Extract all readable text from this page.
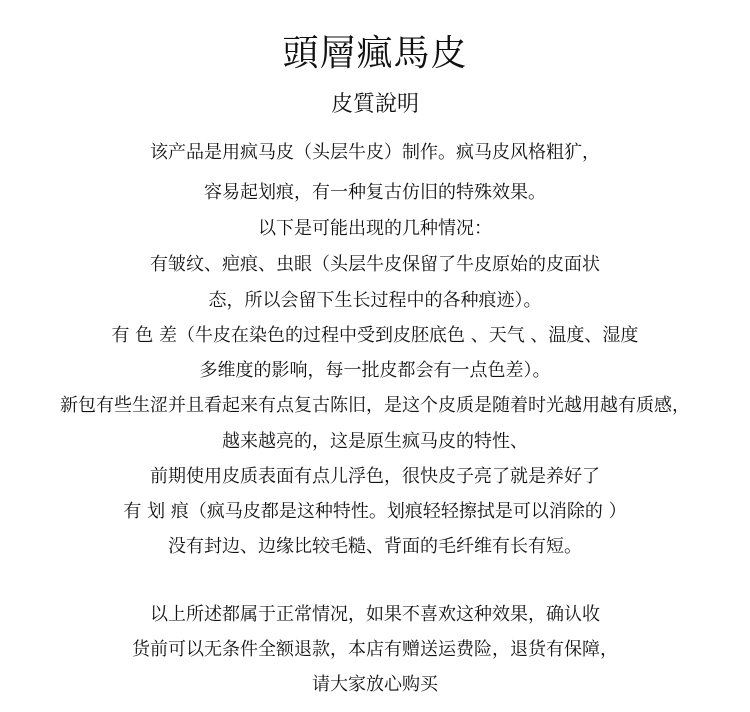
頭層瘋馬皮
皮質說明
该产品是用疯马皮（头层牛皮）制作。疯马皮风格粗犷，
容易起划痕，有一种复古仿旧的特殊效果。
以下是可能出现的几种情况：
有皱纹、疤痕、虫眼（头层牛皮保留了牛皮原始的皮面状
态，所以会留下生长过程中的各种痕迹）。
有 色 差（牛皮在染色的过程中受到皮胚底色 、天气 、温度、湿度
多维度的影响，每一批皮都会有一点色差）。
新包有些生涩并且看起来有点复古陈旧，是这个皮质是随着时光越用越有质感，
越来越亮的，这是原生疯马皮的特性、
前期使用皮质表面有点儿浮色，很快皮子亮了就是养好了
有 划 痕（疯马皮都是这种特性。划痕轻轻擦拭是可以消除的 ）
没有封边、边缘比较毛糙、背面的毛纤维有长有短。
以上所述都属于正常情况，如果不喜欢这种效果，确认收
货前可以无条件全额退款，本店有赠送运费险，退货有保障，
请大家放心购买
